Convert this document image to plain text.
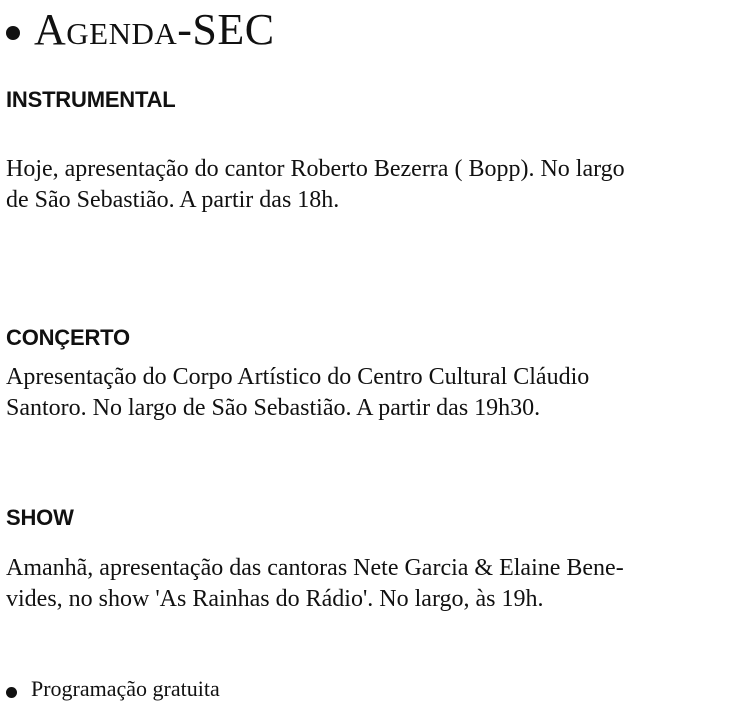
Agenda-SEC
INSTRUMENTAL
Hoje, apresentação do cantor Roberto Bezerra ( Bopp). No largo
de São Sebastião. A partir das 18h.
CONÇERTO
Apresentação do Corpo Artístico do Centro Cultural Cláudio
Santoro. No largo de São Sebastião. A partir das 19h30.
SHOW
Amanhã, apresentação das cantoras Nete Garcia & Elaine Bene-
vides, no show 'As Rainhas do Rádio'. No largo, às 19h.
Programação gratuita
